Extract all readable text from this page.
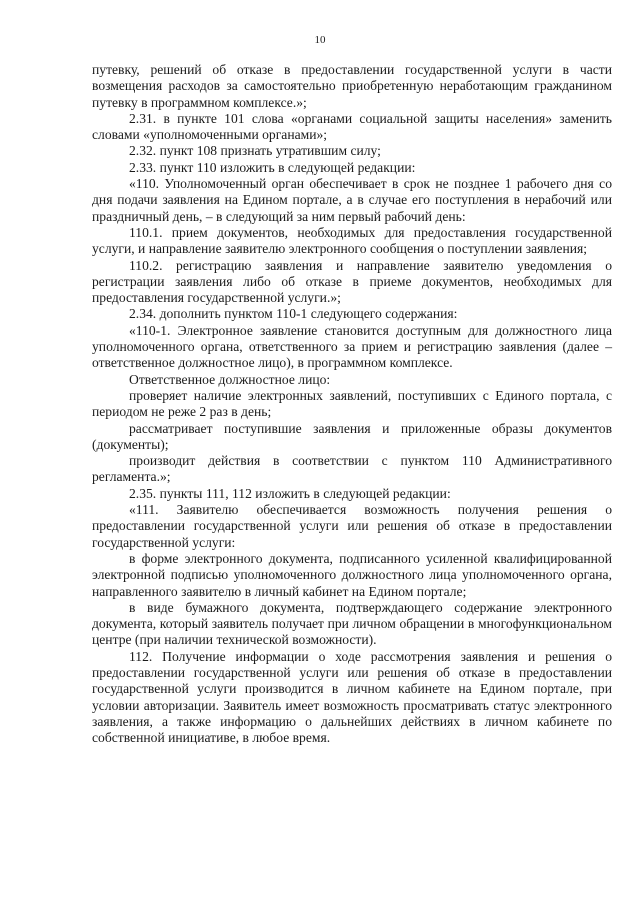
10

путевку, решений об отказе в предоставлении государственной услуги в части возмещения расходов за самостоятельно приобретенную неработающим гражданином путевку в программном комплексе.»;

2.31. в пункте 101 слова «органами социальной защиты населения» заменить словами «уполномоченными органами»;

2.32. пункт 108 признать утратившим силу;

2.33. пункт 110 изложить в следующей редакции:

«110. Уполномоченный орган обеспечивает в срок не позднее 1 рабочего дня со дня подачи заявления на Едином портале, а в случае его поступления в нерабочий или праздничный день, – в следующий за ним первый рабочий день:

110.1. прием документов, необходимых для предоставления государственной услуги, и направление заявителю электронного сообщения о поступлении заявления;

110.2. регистрацию заявления и направление заявителю уведомления о регистрации заявления либо об отказе в приеме документов, необходимых для предоставления государственной услуги.»;

2.34. дополнить пунктом 110-1 следующего содержания:

«110-1. Электронное заявление становится доступным для должностного лица уполномоченного органа, ответственного за прием и регистрацию заявления (далее – ответственное должностное лицо), в программном комплексе.

Ответственное должностное лицо:

проверяет наличие электронных заявлений, поступивших с Единого портала, с периодом не реже 2 раз в день;

рассматривает поступившие заявления и приложенные образы документов (документы);

производит действия в соответствии с пунктом 110 Административного регламента.»;

2.35. пункты 111, 112 изложить в следующей редакции:

«111. Заявителю обеспечивается возможность получения решения о предоставлении государственной услуги или решения об отказе в предоставлении государственной услуги:

в форме электронного документа, подписанного усиленной квалифицированной электронной подписью уполномоченного должностного лица уполномоченного органа, направленного заявителю в личный кабинет на Едином портале;

в виде бумажного документа, подтверждающего содержание электронного документа, который заявитель получает при личном обращении в многофункциональном центре (при наличии технической возможности).

112. Получение информации о ходе рассмотрения заявления и решения о предоставлении государственной услуги или решения об отказе в предоставлении государственной услуги производится в личном кабинете на Едином портале, при условии авторизации. Заявитель имеет возможность просматривать статус электронного заявления, а также информацию о дальнейших действиях в личном кабинете по собственной инициативе, в любое время.
